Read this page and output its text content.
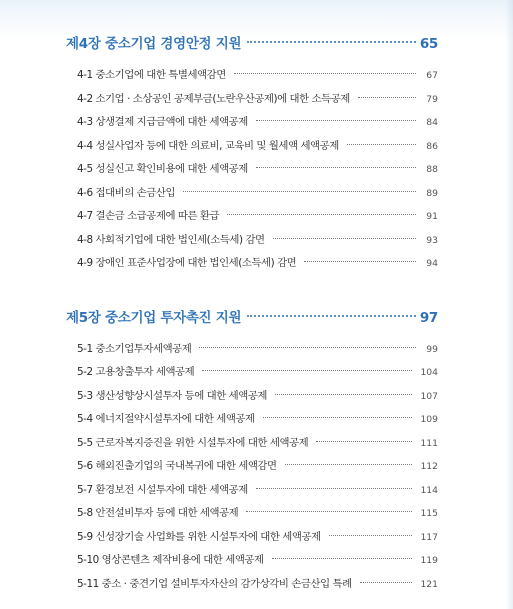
제4장 중소기업 경영안정 지원	65
4-1 중소기업에 대한 특별세액감면	67
4-2 소기업 · 소상공인 공제부금(노란우산공제)에 대한 소득공제	79
4-3 상생결제 지급금액에 대한 세액공제	84
4-4 성실사업자 등에 대한 의료비, 교육비 및 월세액 세액공제	86
4-5 성실신고 확인비용에 대한 세액공제	88
4-6 접대비의 손금산입	89
4-7 결손금 소급공제에 따른 환급	91
4-8 사회적기업에 대한 법인세(소득세) 감면	93
4-9 장애인 표준사업장에 대한 법인세(소득세) 감면	94
제5장 중소기업 투자촉진 지원	97
5-1 중소기업투자세액공제	99
5-2 고용창출투자 세액공제	104
5-3 생산성향상시설투자 등에 대한 세액공제	107
5-4 에너지절약시설투자에 대한 세액공제	109
5-5 근로자복지증진을 위한 시설투자에 대한 세액공제	111
5-6 해외진출기업의 국내복귀에 대한 세액감면	112
5-7 환경보전 시설투자에 대한 세액공제	114
5-8 안전설비투자 등에 대한 세액공제	115
5-9 신성장기술 사업화를 위한 시설투자에 대한 세액공제	117
5-10 영상콘텐츠 제작비용에 대한 세액공제	119
5-11 중소 · 중견기업 설비투자자산의 감가상각비 손금산입 특례	121
